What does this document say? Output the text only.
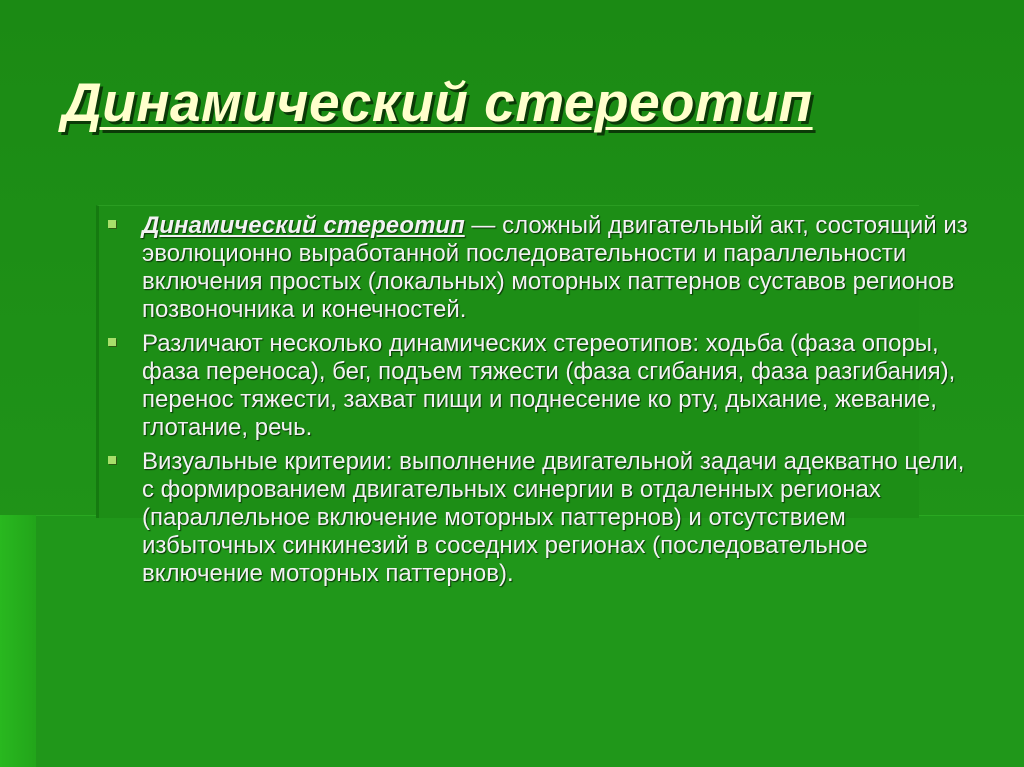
Динамический стереотип
Динамический стереотип — сложный двигательный акт, состоящий из эволюционно выработанной последовательности и параллельности включения простых (локальных) моторных паттернов суставов регионов позвоночника и конечностей.
Различают несколько динамических стереотипов: ходьба (фаза опоры, фаза переноса), бег, подъем тяжести (фаза сгибания, фаза разгибания), перенос тяжести, захват пищи и поднесение ко рту, дыхание, жевание, глотание, речь.
Визуальные критерии: выполнение двигательной задачи адекватно цели, с формированием двигательных синергии в отдаленных регионах (параллельное включение моторных паттернов) и отсутствием избыточных синкинезий в соседних регионах (последовательное включение моторных паттернов).
